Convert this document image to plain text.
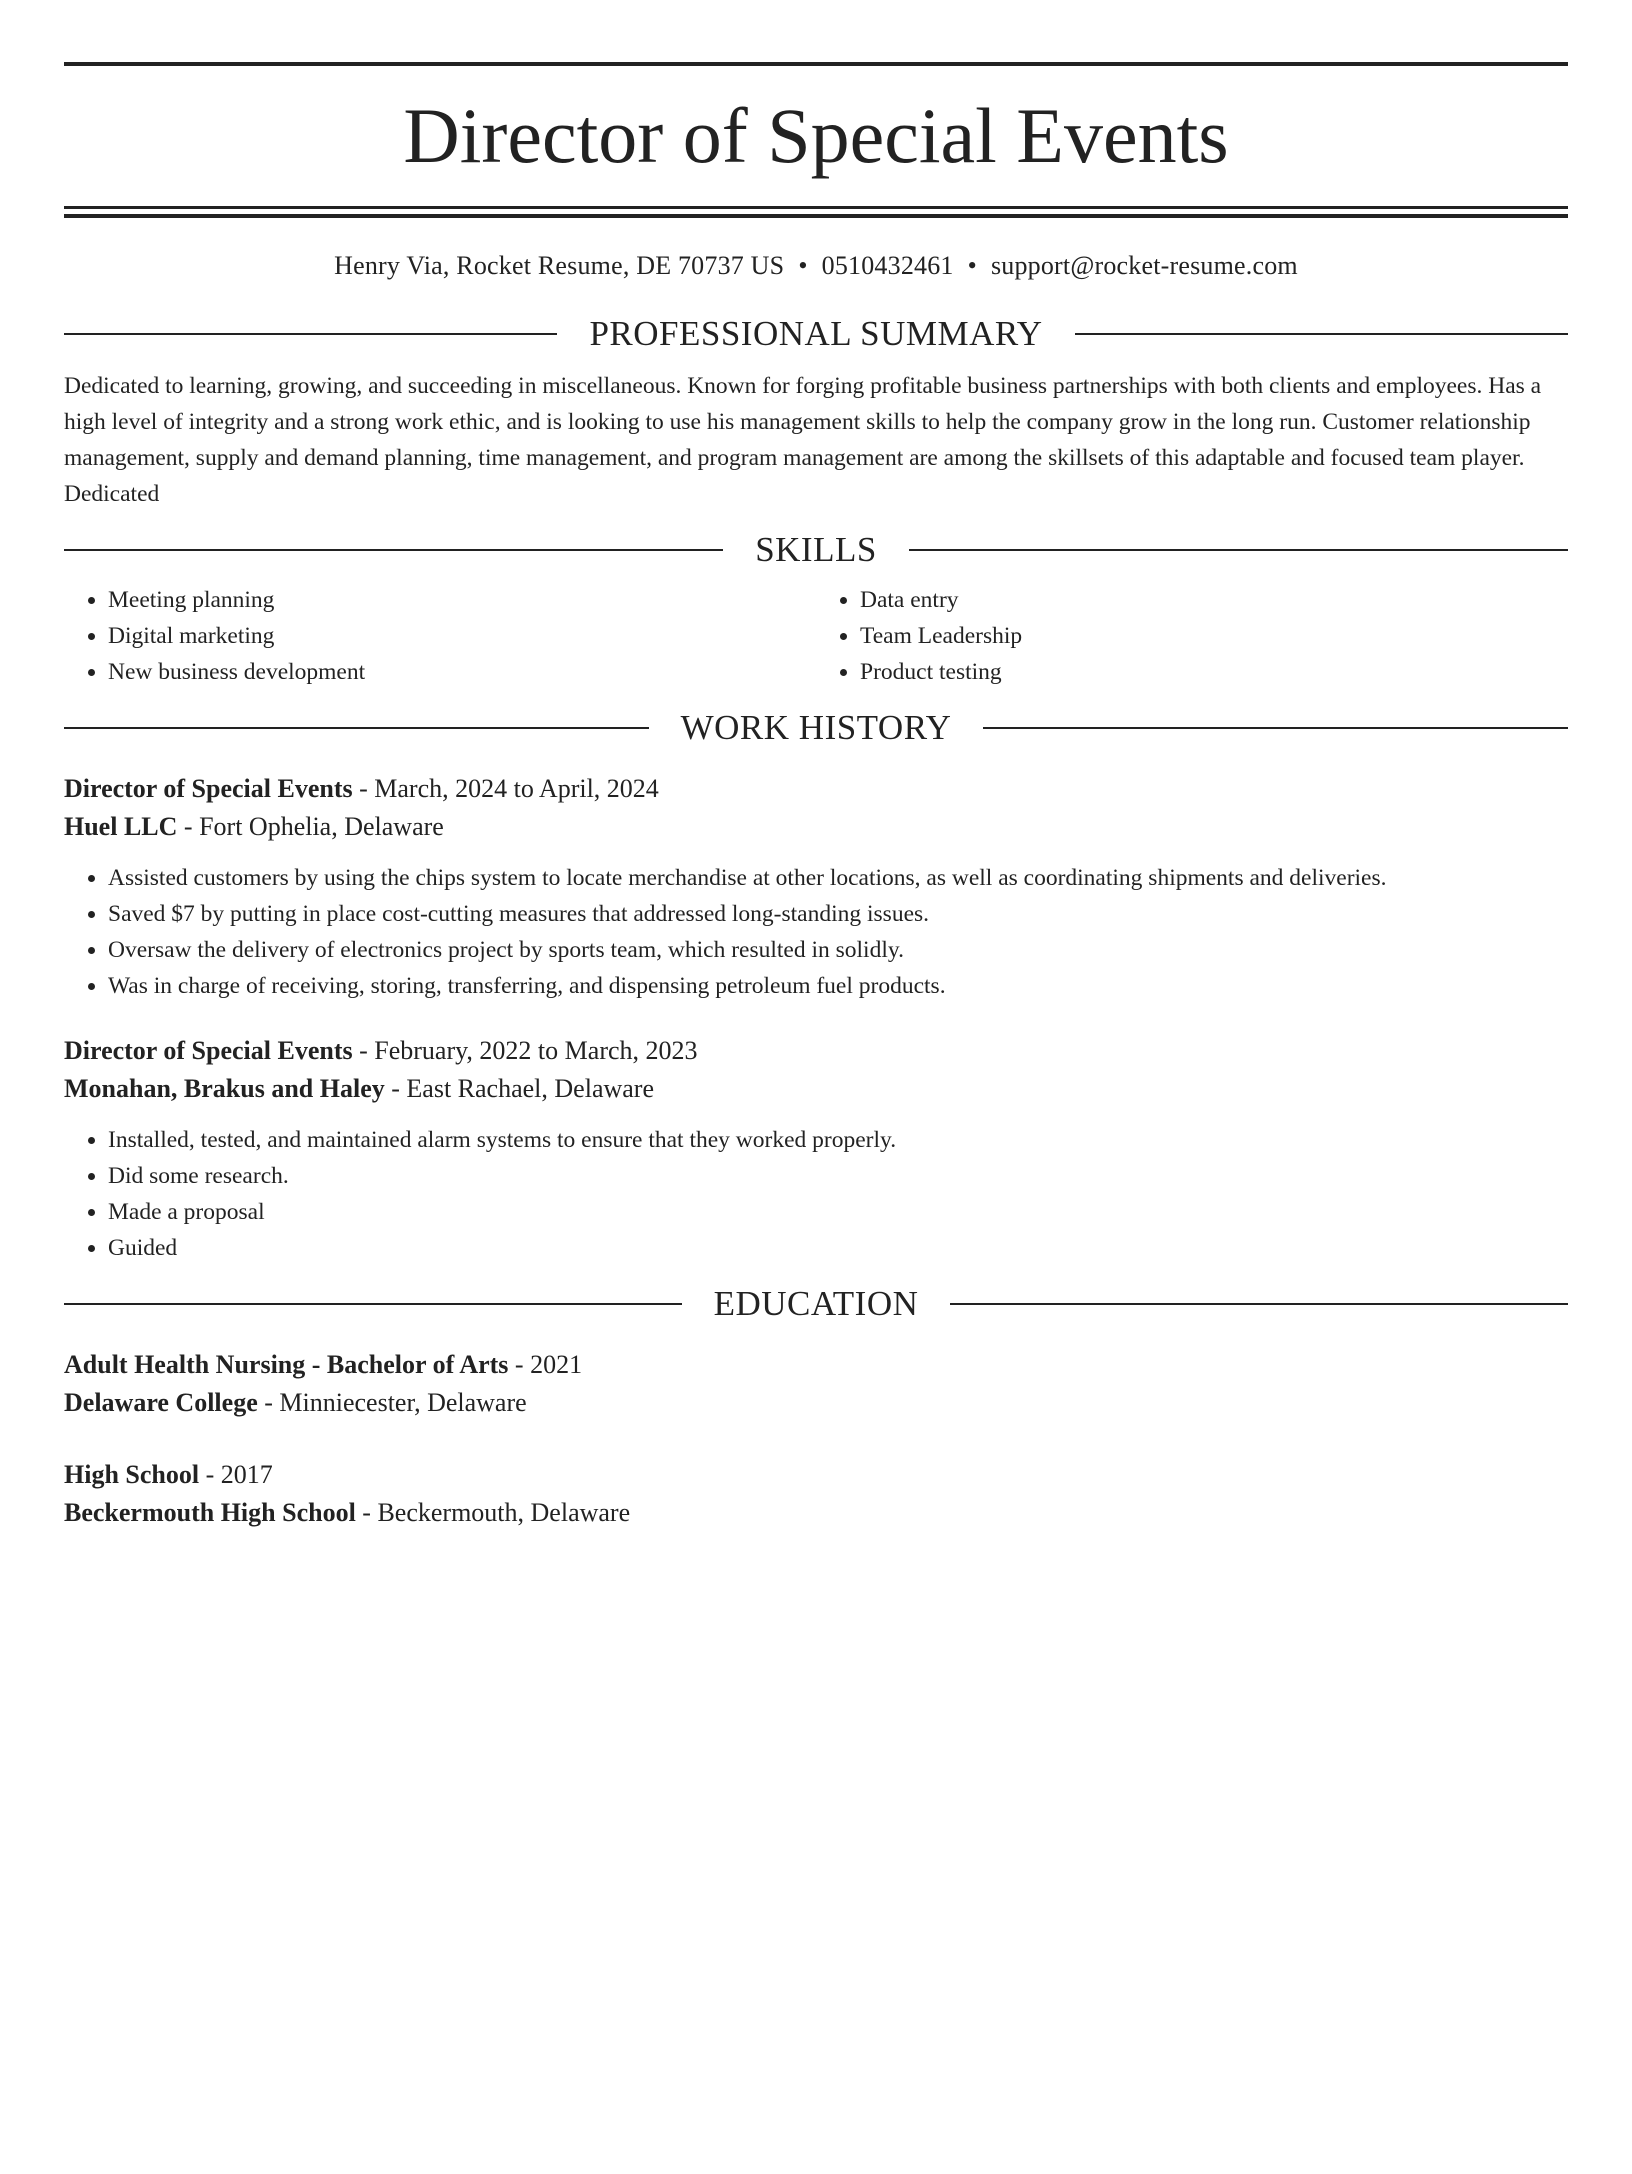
Director of Special Events
Henry Via, Rocket Resume, DE 70737 US • 0510432461 • support@rocket-resume.com
PROFESSIONAL SUMMARY

Dedicated to learning, growing, and succeeding in miscellaneous. Known for forging profitable business partnerships with both clients and employees. Has a high level of integrity and a strong work ethic, and is looking to use his management skills to help the company grow in the long run. Customer relationship management, supply and demand planning, time management, and program management are among the skillsets of this adaptable and focused team player. Dedicated

SKILLS
• Meeting planning
• Digital marketing
• New business development
• Data entry
• Team Leadership
• Product testing
WORK HISTORY
Director of Special Events - March, 2024 to April, 2024
Huel LLC - Fort Ophelia, Delaware
• Assisted customers by using the chips system to locate merchandise at other locations, as well as coordinating shipments and deliveries.
• Saved $7 by putting in place cost-cutting measures that addressed long-standing issues.
• Oversaw the delivery of electronics project by sports team, which resulted in solidly.
• Was in charge of receiving, storing, transferring, and dispensing petroleum fuel products.
Director of Special Events - February, 2022 to March, 2023
Monahan, Brakus and Haley - East Rachael, Delaware
• Installed, tested, and maintained alarm systems to ensure that they worked properly.
• Did some research.
• Made a proposal
• Guided
EDUCATION
Adult Health Nursing - Bachelor of Arts - 2021
Delaware College - Minniecester, Delaware
High School - 2017
Beckermouth High School - Beckermouth, Delaware
